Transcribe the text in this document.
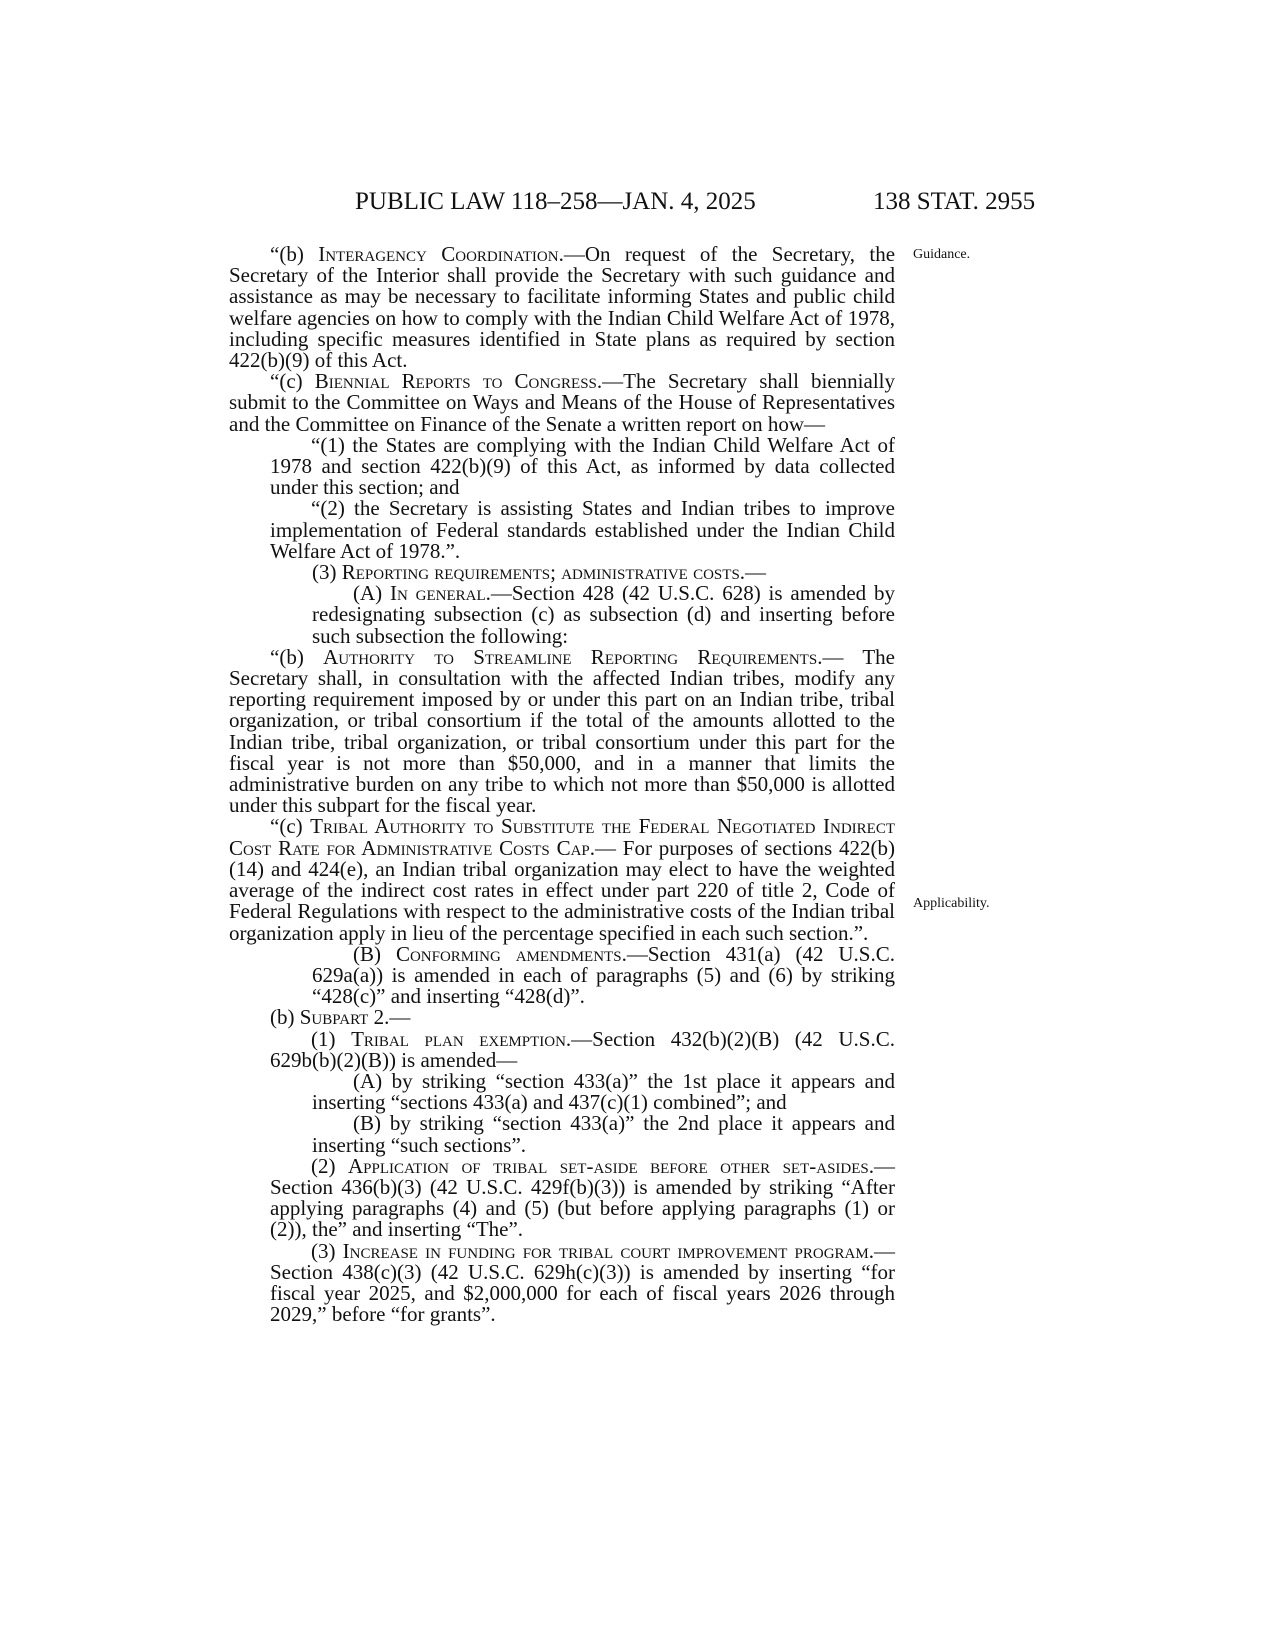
PUBLIC LAW 118–258—JAN. 4, 2025	138 STAT. 2955
Guidance.
Applicability.

“(b) Interagency Coordination.—On request of the Secretary, the Secretary of the Interior shall provide the Secretary with such guidance and assistance as may be necessary to facilitate informing States and public child welfare agencies on how to comply with the Indian Child Welfare Act of 1978, including specific measures identified in State plans as required by section 422(b)(9) of this Act.

“(c) Biennial Reports to Congress.—The Secretary shall biennially submit to the Committee on Ways and Means of the House of Representatives and the Committee on Finance of the Senate a written report on how—

“(1) the States are complying with the Indian Child Welfare Act of 1978 and section 422(b)(9) of this Act, as informed by data collected under this section; and

“(2) the Secretary is assisting States and Indian tribes to improve implementation of Federal standards established under the Indian Child Welfare Act of 1978.”.

(3) Reporting requirements; administrative costs.—

(A) In general.—Section 428 (42 U.S.C. 628) is amended by redesignating subsection (c) as subsection (d) and inserting before such subsection the following:

“(b) Authority to Streamline Reporting Requirements.— The Secretary shall, in consultation with the affected Indian tribes, modify any reporting requirement imposed by or under this part on an Indian tribe, tribal organization, or tribal consortium if the total of the amounts allotted to the Indian tribe, tribal organization, or tribal consortium under this part for the fiscal year is not more than $50,000, and in a manner that limits the administrative burden on any tribe to which not more than $50,000 is allotted under this subpart for the fiscal year.

“(c) Tribal Authority to Substitute the Federal Negotiated Indirect Cost Rate for Administrative Costs Cap.— For purposes of sections 422(b)(14) and 424(e), an Indian tribal organization may elect to have the weighted average of the indirect cost rates in effect under part 220 of title 2, Code of Federal Regulations with respect to the administrative costs of the Indian tribal organization apply in lieu of the percentage specified in each such section.”.

(B) Conforming amendments.—Section 431(a) (42 U.S.C. 629a(a)) is amended in each of paragraphs (5) and (6) by striking “428(c)” and inserting “428(d)”.

(b) Subpart 2.—

(1) Tribal plan exemption.—Section 432(b)(2)(B) (42 U.S.C. 629b(b)(2)(B)) is amended—

(A) by striking “section 433(a)” the 1st place it appears and inserting “sections 433(a) and 437(c)(1) combined”; and

(B) by striking “section 433(a)” the 2nd place it appears and inserting “such sections”.

(2) Application of tribal set-aside before other set-asides.—Section 436(b)(3) (42 U.S.C. 429f(b)(3)) is amended by striking “After applying paragraphs (4) and (5) (but before applying paragraphs (1) or (2)), the” and inserting “The”.

(3) Increase in funding for tribal court improvement program.—Section 438(c)(3) (42 U.S.C. 629h(c)(3)) is amended by inserting “for fiscal year 2025, and $2,000,000 for each of fiscal years 2026 through 2029,” before “for grants”.
